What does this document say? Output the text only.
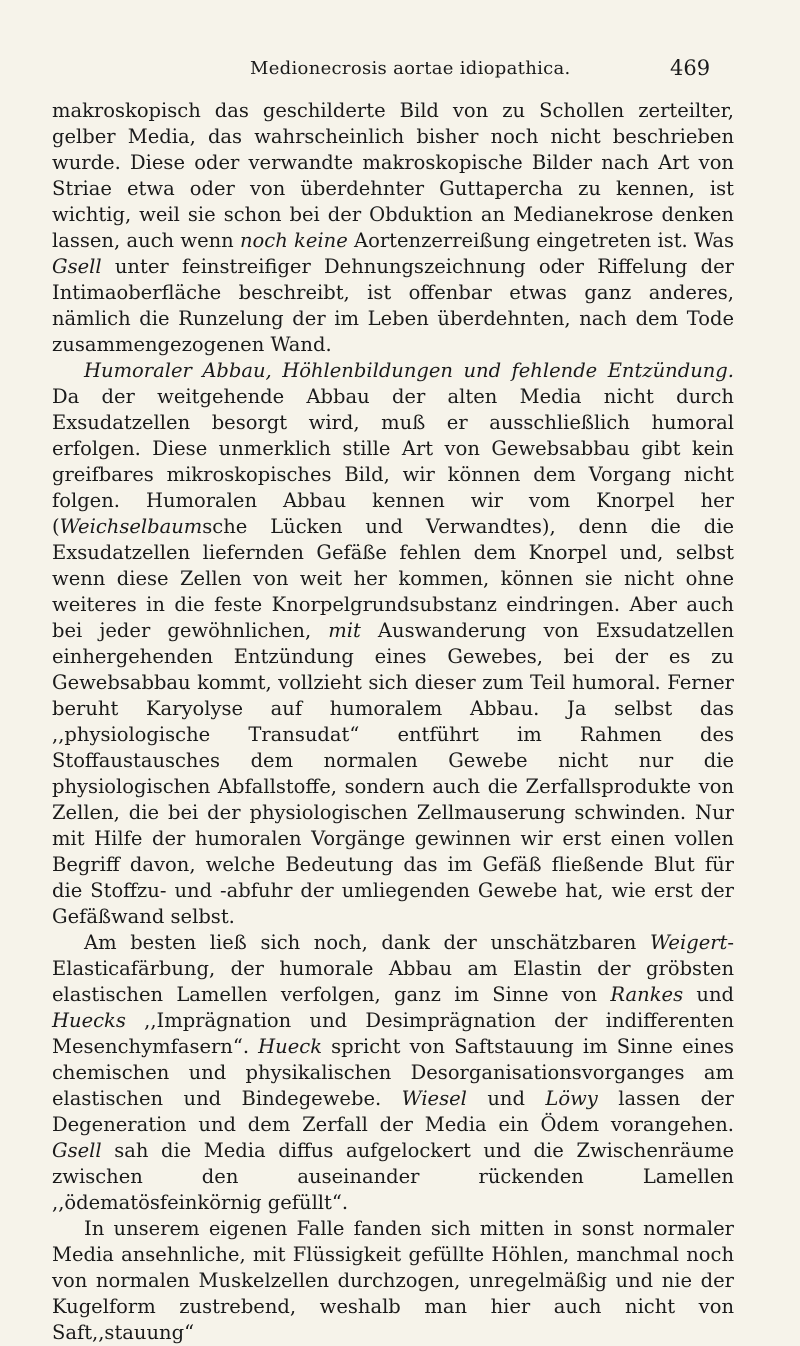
Medionecrosis aortae idiopathica.	469

makroskopisch das geschilderte Bild von zu Schollen zerteilter, gelber Media, das wahrscheinlich bisher noch nicht beschrieben wurde. Diese oder verwandte makroskopische Bilder nach Art von Striae etwa oder von überdehnter Guttapercha zu kennen, ist wichtig, weil sie schon bei der Obduktion an Medianekrose denken lassen, auch wenn noch keine Aortenzerreißung eingetreten ist. Was Gsell unter feinstreifiger Dehnungszeichnung oder Riffelung der Intimaoberfläche beschreibt, ist offenbar etwas ganz anderes, nämlich die Runzelung der im Leben überdehnten, nach dem Tode zusammengezogenen Wand.

Humoraler Abbau, Höhlenbildungen und fehlende Entzündung. Da der weitgehende Abbau der alten Media nicht durch Exsudatzellen besorgt wird, muß er ausschließlich humoral erfolgen. Diese unmerklich stille Art von Gewebsabbau gibt kein greifbares mikroskopisches Bild, wir können dem Vorgang nicht folgen. Humoralen Abbau kennen wir vom Knorpel her (Weichselbaumsche Lücken und Verwandtes), denn die die Exsudatzellen liefernden Gefäße fehlen dem Knorpel und, selbst wenn diese Zellen von weit her kommen, können sie nicht ohne weiteres in die feste Knorpelgrundsubstanz eindringen. Aber auch bei jeder gewöhnlichen, mit Auswanderung von Exsudatzellen einhergehenden Entzündung eines Gewebes, bei der es zu Gewebsabbau kommt, vollzieht sich dieser zum Teil humoral. Ferner beruht Karyolyse auf humoralem Abbau. Ja selbst das ,,physiologische Transudat“ entführt im Rahmen des Stoffaustausches dem normalen Gewebe nicht nur die physiologischen Abfallstoffe, sondern auch die Zerfallsprodukte von Zellen, die bei der physiologischen Zellmauserung schwinden. Nur mit Hilfe der humoralen Vorgänge gewinnen wir erst einen vollen Begriff davon, welche Bedeutung das im Gefäß fließende Blut für die Stoffzu- und -abfuhr der umliegenden Gewebe hat, wie erst der Gefäßwand selbst.

Am besten ließ sich noch, dank der unschätzbaren Weigert-Elasticafärbung, der humorale Abbau am Elastin der gröbsten elastischen Lamellen verfolgen, ganz im Sinne von Rankes und Huecks ,,Imprägnation und Desimprägnation der indifferenten Mesenchymfasern“. Hueck spricht von Saftstauung im Sinne eines chemischen und physikalischen Desorganisationsvorganges am elastischen und Bindegewebe. Wiesel und Löwy lassen der Degeneration und dem Zerfall der Media ein Ödem vorangehen. Gsell sah die Media diffus aufgelockert und die Zwischenräume zwischen den auseinander rückenden Lamellen ,,ödematösfeinkörnig gefüllt“.

In unserem eigenen Falle fanden sich mitten in sonst normaler Media ansehnliche, mit Flüssigkeit gefüllte Höhlen, manchmal noch von normalen Muskelzellen durchzogen, unregelmäßig und nie der Kugelform zustrebend, weshalb man hier auch nicht von Saft,,stauung“
